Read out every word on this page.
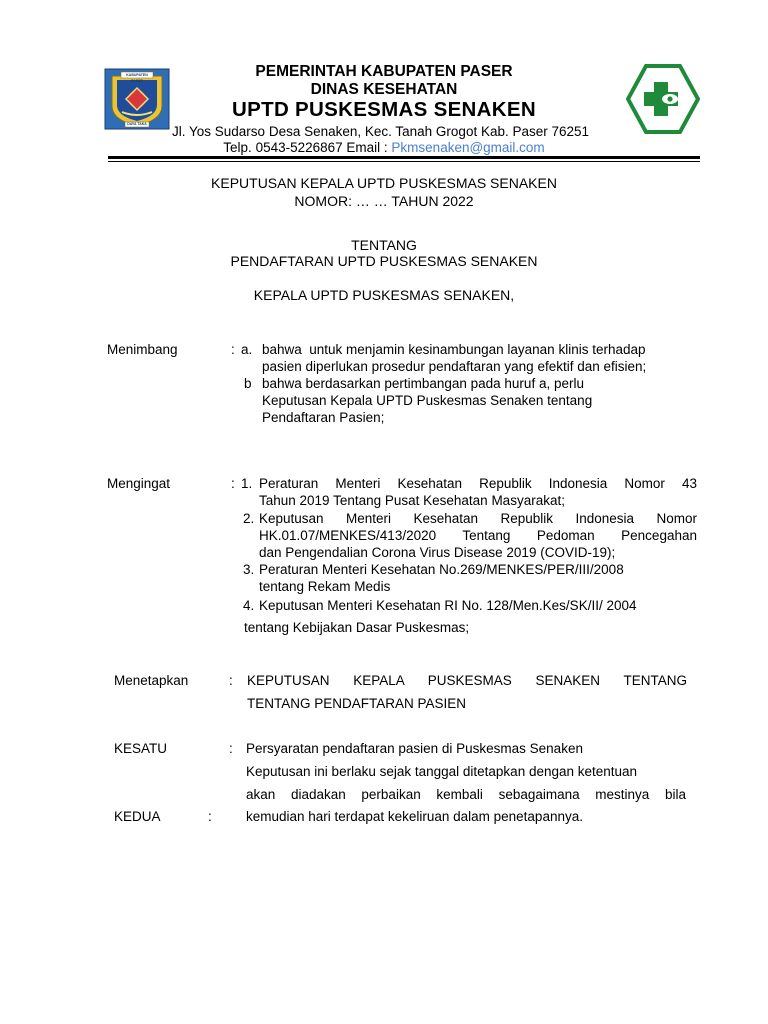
KABUPATEN PASER
DAYA TAKA
PEMERINTAH KABUPATEN PASER
DINAS KESEHATAN
UPTD PUSKESMAS SENAKEN
Jl. Yos Sudarso Desa Senaken, Kec. Tanah Grogot Kab. Paser 76251
Telp. 0543-5226867 Email : Pkmsenaken@gmail.com
KEPUTUSAN KEPALA UPTD PUSKESMAS SENAKEN
NOMOR: … … TAHUN 2022
TENTANG
PENDAFTARAN UPTD PUSKESMAS SENAKEN
KEPALA UPTD PUSKESMAS SENAKEN,
Menimbang	: a. bahwa  untuk menjamin kesinambungan layanan klinis terhadap
pasien diperlukan prosedur pendaftaran yang efektif dan efisien;
b bahwa berdasarkan pertimbangan pada huruf a, perlu
Keputusan Kepala UPTD Puskesmas Senaken tentang
Pendaftaran Pasien;
Mengingat	: 1. Peraturan Menteri Kesehatan Republik Indonesia Nomor 43
Tahun 2019 Tentang Pusat Kesehatan Masyarakat;
2. Keputusan Menteri Kesehatan Republik Indonesia Nomor
HK.01.07/MENKES/413/2020 Tentang Pedoman Pencegahan
dan Pengendalian Corona Virus Disease 2019 (COVID-19);
3. Peraturan Menteri Kesehatan No.269/MENKES/PER/III/2008
tentang Rekam Medis
4. Keputusan Menteri Kesehatan RI No. 128/Men.Kes/SK/II/ 2004
tentang Kebijakan Dasar Puskesmas;
Menetapkan	: KEPUTUSAN KEPALA PUSKESMAS SENAKEN TENTANG
TENTANG PENDAFTARAN PASIEN
KESATU	: Persyaratan pendaftaran pasien di Puskesmas Senaken
Keputusan ini berlaku sejak tanggal ditetapkan dengan ketentuan
akan diadakan perbaikan kembali sebagaimana mestinya bila
KEDUA	:	kemudian hari terdapat kekeliruan dalam penetapannya.
